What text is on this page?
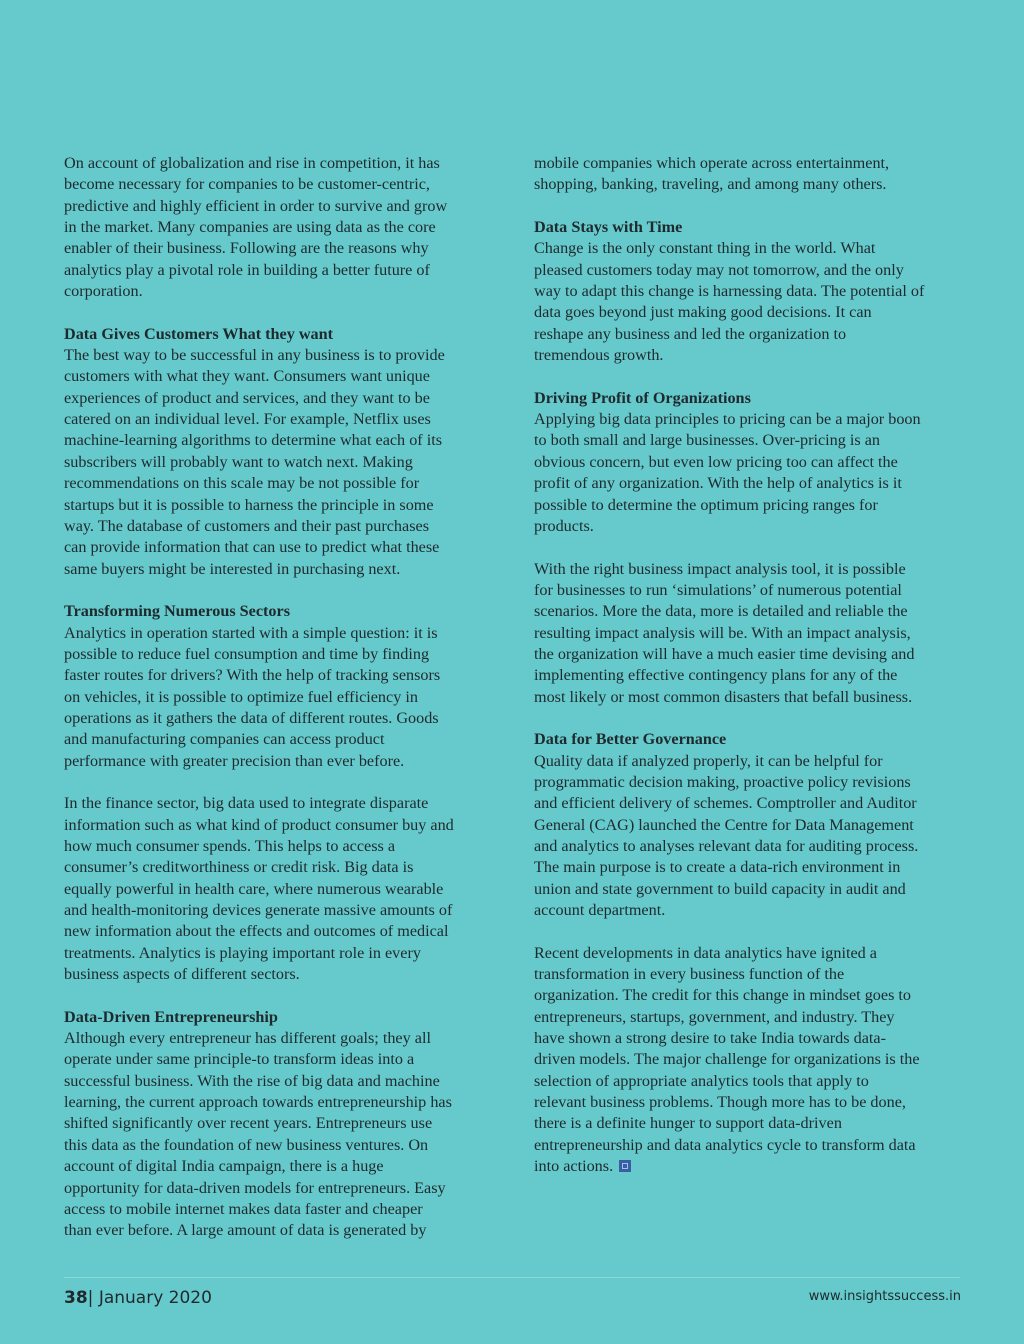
On account of globalization and rise in competition, it has
become necessary for companies to be customer-centric,
predictive and highly efficient in order to survive and grow
in the market. Many companies are using data as the core
enabler of their business. Following are the reasons why
analytics play a pivotal role in building a better future of
corporation.

Data Gives Customers What they want

The best way to be successful in any business is to provide
customers with what they want. Consumers want unique
experiences of product and services, and they want to be
catered on an individual level. For example, Netflix uses
machine-learning algorithms to determine what each of its
subscribers will probably want to watch next. Making
recommendations on this scale may be not possible for
startups but it is possible to harness the principle in some
way. The database of customers and their past purchases
can provide information that can use to predict what these
same buyers might be interested in purchasing next.

Transforming Numerous Sectors

Analytics in operation started with a simple question: it is
possible to reduce fuel consumption and time by finding
faster routes for drivers? With the help of tracking sensors
on vehicles, it is possible to optimize fuel efficiency in
operations as it gathers the data of different routes. Goods
and manufacturing companies can access product
performance with greater precision than ever before.

In the finance sector, big data used to integrate disparate
information such as what kind of product consumer buy and
how much consumer spends. This helps to access a
consumer’s creditworthiness or credit risk. Big data is
equally powerful in health care, where numerous wearable
and health-monitoring devices generate massive amounts of
new information about the effects and outcomes of medical
treatments. Analytics is playing important role in every
business aspects of different sectors.

Data-Driven Entrepreneurship

Although every entrepreneur has different goals; they all
operate under same principle-to transform ideas into a
successful business. With the rise of big data and machine
learning, the current approach towards entrepreneurship has
shifted significantly over recent years. Entrepreneurs use
this data as the foundation of new business ventures. On
account of digital India campaign, there is a huge
opportunity for data-driven models for entrepreneurs. Easy
access to mobile internet makes data faster and cheaper
than ever before. A large amount of data is generated by

mobile companies which operate across entertainment,
shopping, banking, traveling, and among many others.

Data Stays with Time

Change is the only constant thing in the world. What
pleased customers today may not tomorrow, and the only
way to adapt this change is harnessing data. The potential of
data goes beyond just making good decisions. It can
reshape any business and led the organization to
tremendous growth.

Driving Profit of Organizations

Applying big data principles to pricing can be a major boon
to both small and large businesses. Over-pricing is an
obvious concern, but even low pricing too can affect the
profit of any organization. With the help of analytics is it
possible to determine the optimum pricing ranges for
products.

With the right business impact analysis tool, it is possible
for businesses to run ‘simulations’ of numerous potential
scenarios. More the data, more is detailed and reliable the
resulting impact analysis will be. With an impact analysis,
the organization will have a much easier time devising and
implementing effective contingency plans for any of the
most likely or most common disasters that befall business.

Data for Better Governance

Quality data if analyzed properly, it can be helpful for
programmatic decision making, proactive policy revisions
and efficient delivery of schemes. Comptroller and Auditor
General (CAG) launched the Centre for Data Management
and analytics to analyses relevant data for auditing process.
The main purpose is to create a data-rich environment in
union and state government to build capacity in audit and
account department.

Recent developments in data analytics have ignited a
transformation in every business function of the
organization. The credit for this change in mindset goes to
entrepreneurs, startups, government, and industry. They
have shown a strong desire to take India towards data-
driven models. The major challenge for organizations is the
selection of appropriate analytics tools that apply to
relevant business problems. Though more has to be done,
there is a definite hunger to support data-driven
entrepreneurship and data analytics cycle to transform data
into actions.

38| January 2020	www.insightssuccess.in
